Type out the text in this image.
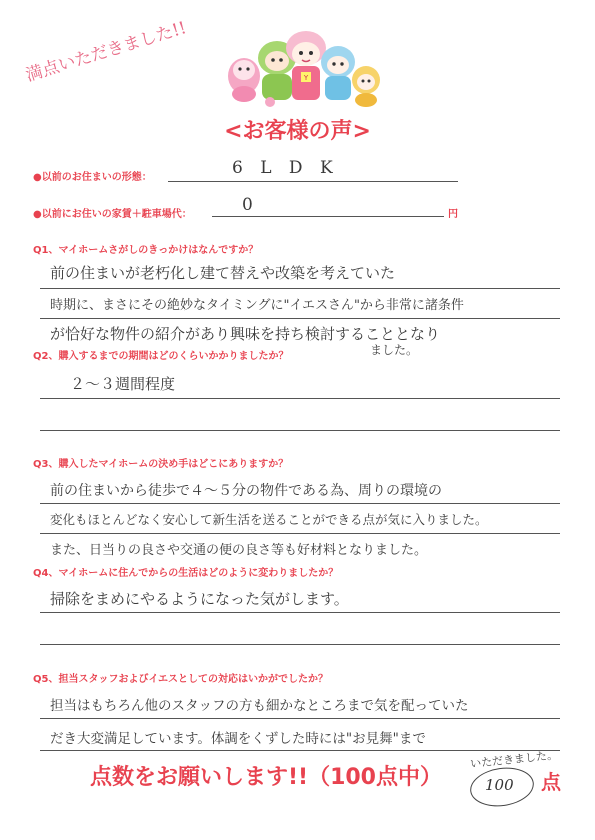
満点いただきました!!	Y
<お客様の声>
●以前のお住まいの形態：	6 L D K
●以前にお住いの家賃＋駐車場代：	0	円
Q1、マイホームさがしのきっかけはなんですか？
前の住まいが老朽化し建て替えや改築を考えていた
時期に、まさにその絶妙なタイミングに"イエスさん"から非常に諸条件
が恰好な物件の紹介があり興味を持ち検討することとなり
ました。
Q2、購入するまでの期間はどのくらいかかりましたか？
２～３週間程度
Q3、購入したマイホームの決め手はどこにありますか？
前の住まいから徒歩で４～５分の物件である為、周りの環境の
変化もほとんどなく安心して新生活を送ることができる点が気に入りました。
また、日当りの良さや交通の便の良さ等も好材料となりました。
Q4、マイホームに住んでからの生活はどのように変わりましたか？
掃除をまめにやるようになった気がします。
Q5、担当スタッフおよびイエスとしての対応はいかがでしたか？
担当はもちろん他のスタッフの方も細かなところまで気を配っていた
だき大変満足しています。体調をくずした時には"お見舞"まで
いただきました。
点数をお願いします!!（100点中）	100 点
